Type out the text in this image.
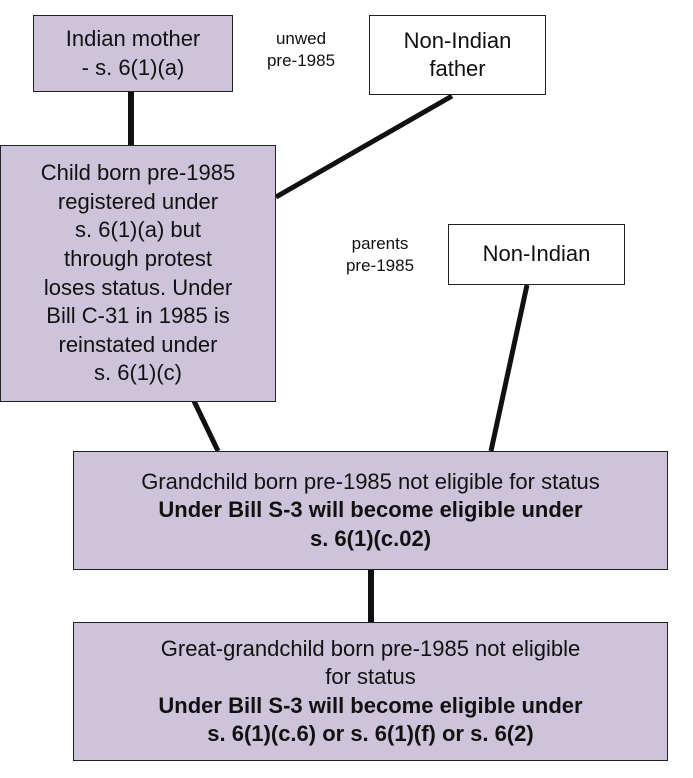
Indian mother
- s. 6(1)(a)
unwed
pre-1985
Non-Indian
father
Child born pre-1985
registered under
s. 6(1)(a) but
through protest
loses status. Under
Bill C-31 in 1985 is
reinstated under
s. 6(1)(c)
parents
pre-1985	Non-Indian
Grandchild born pre-1985 not eligible for status
Under Bill S-3 will become eligible under
s. 6(1)(c.02)
Great-grandchild born pre-1985 not eligible
for status
Under Bill S-3 will become eligible under
s. 6(1)(c.6) or s. 6(1)(f) or s. 6(2)
